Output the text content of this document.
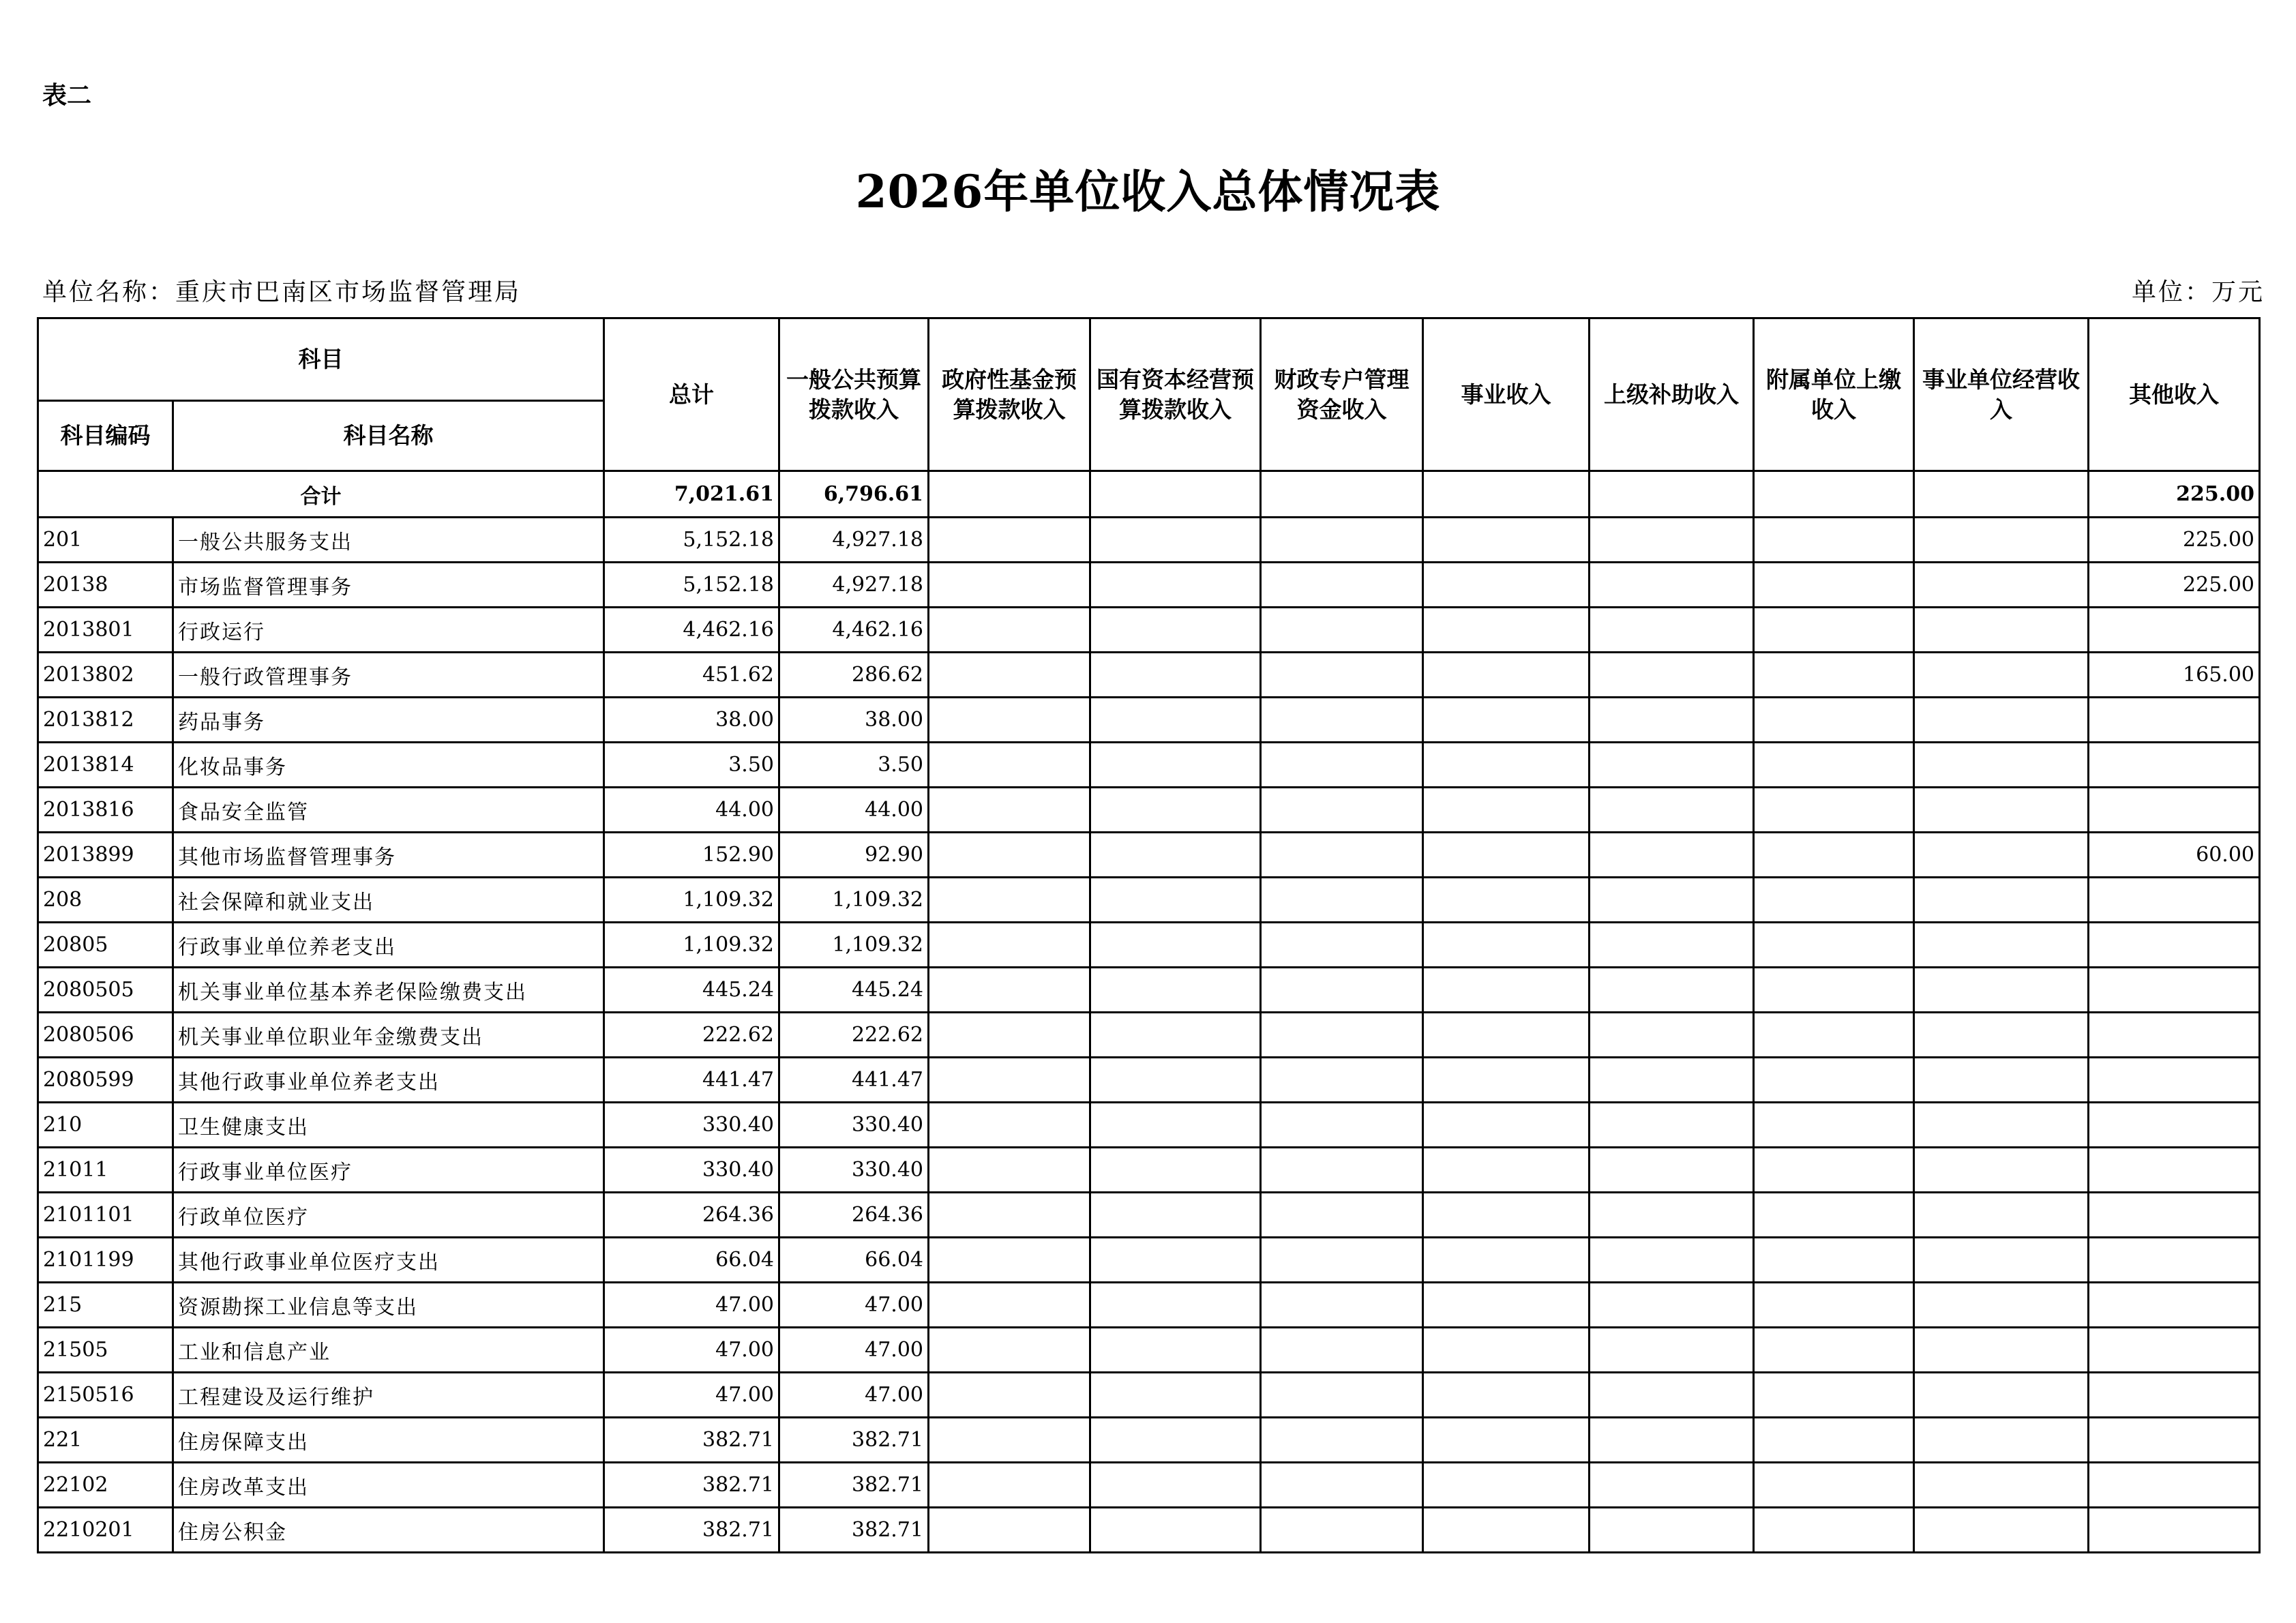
表二
2026年单位收入总体情况表
单位名称：重庆市巴南区市场监督管理局	单位：万元
科目		总计	一般公共预算拨款收入	政府性基金预算拨款收入	国有资本经营预算拨款收入	财政专户管理资金收入	事业收入	上级补助收入	附属单位上缴收入	事业单位经营收入	其他收入
科目编码	科目名称										
合计		7,021.61	6,796.61								225.00
201	一般公共服务支出	5,152.18	4,927.18								225.00
20138	市场监督管理事务	5,152.18	4,927.18								225.00
2013801	行政运行	4,462.16	4,462.16								
2013802	一般行政管理事务	451.62	286.62								165.00
2013812	药品事务	38.00	38.00								
2013814	化妆品事务	3.50	3.50								
2013816	食品安全监管	44.00	44.00								
2013899	其他市场监督管理事务	152.90	92.90								60.00
208	社会保障和就业支出	1,109.32	1,109.32								
20805	行政事业单位养老支出	1,109.32	1,109.32								
2080505	机关事业单位基本养老保险缴费支出	445.24	445.24								
2080506	机关事业单位职业年金缴费支出	222.62	222.62								
2080599	其他行政事业单位养老支出	441.47	441.47								
210	卫生健康支出	330.40	330.40								
21011	行政事业单位医疗	330.40	330.40								
2101101	行政单位医疗	264.36	264.36								
2101199	其他行政事业单位医疗支出	66.04	66.04								
215	资源勘探工业信息等支出	47.00	47.00								
21505	工业和信息产业	47.00	47.00								
2150516	工程建设及运行维护	47.00	47.00								
221	住房保障支出	382.71	382.71								
22102	住房改革支出	382.71	382.71								
2210201	住房公积金	382.71	382.71								
